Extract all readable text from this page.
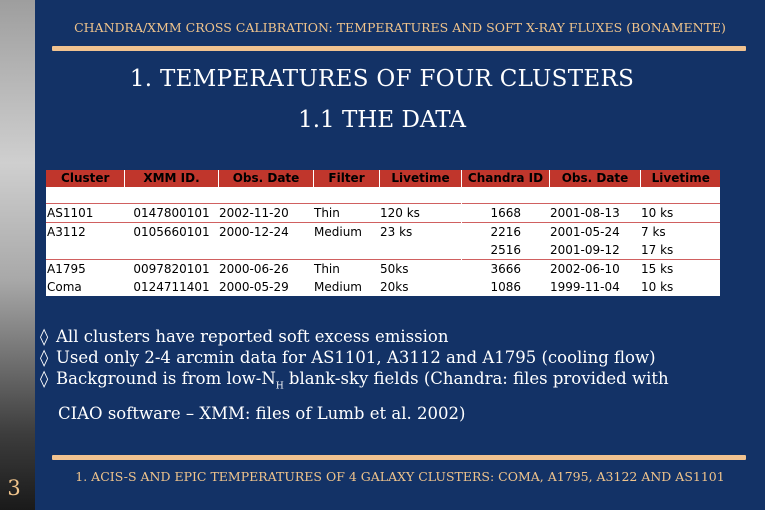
3
CHANDRA/XMM CROSS CALIBRATION: TEMPERATURES AND SOFT X-RAY FLUXES (BONAMENTE)
1. TEMPERATURES OF FOUR CLUSTERS
1.1 THE DATA
Cluster	XMM ID.	Obs. Date	Filter	Livetime	Chandra ID	Obs. Date	Livetime

AS1101	0147800101	2002-11-20	Thin	120 ks	1668	2001-08-13	10 ks
A3112	0105660101	2000-12-24	Medium	23 ks	2216	2001-05-24	7 ks
					2516	2001-09-12	17 ks
A1795	0097820101	2000-06-26	Thin	50ks	3666	2002-06-10	15 ks
Coma	0124711401	2000-05-29	Medium	20ks	1086	1999-11-04	10 ks
◊ All clusters have reported soft excess emission
◊ Used only 2-4 arcmin data for AS1101, A3112 and A1795 (cooling flow)
◊ Background is from low-$N_H$ blank-sky fields (Chandra: files provided with
CIAO software – XMM: files of Lumb et al. 2002)
1. ACIS-S AND EPIC TEMPERATURES OF 4 GALAXY CLUSTERS: COMA, A1795, A3122 AND AS1101
